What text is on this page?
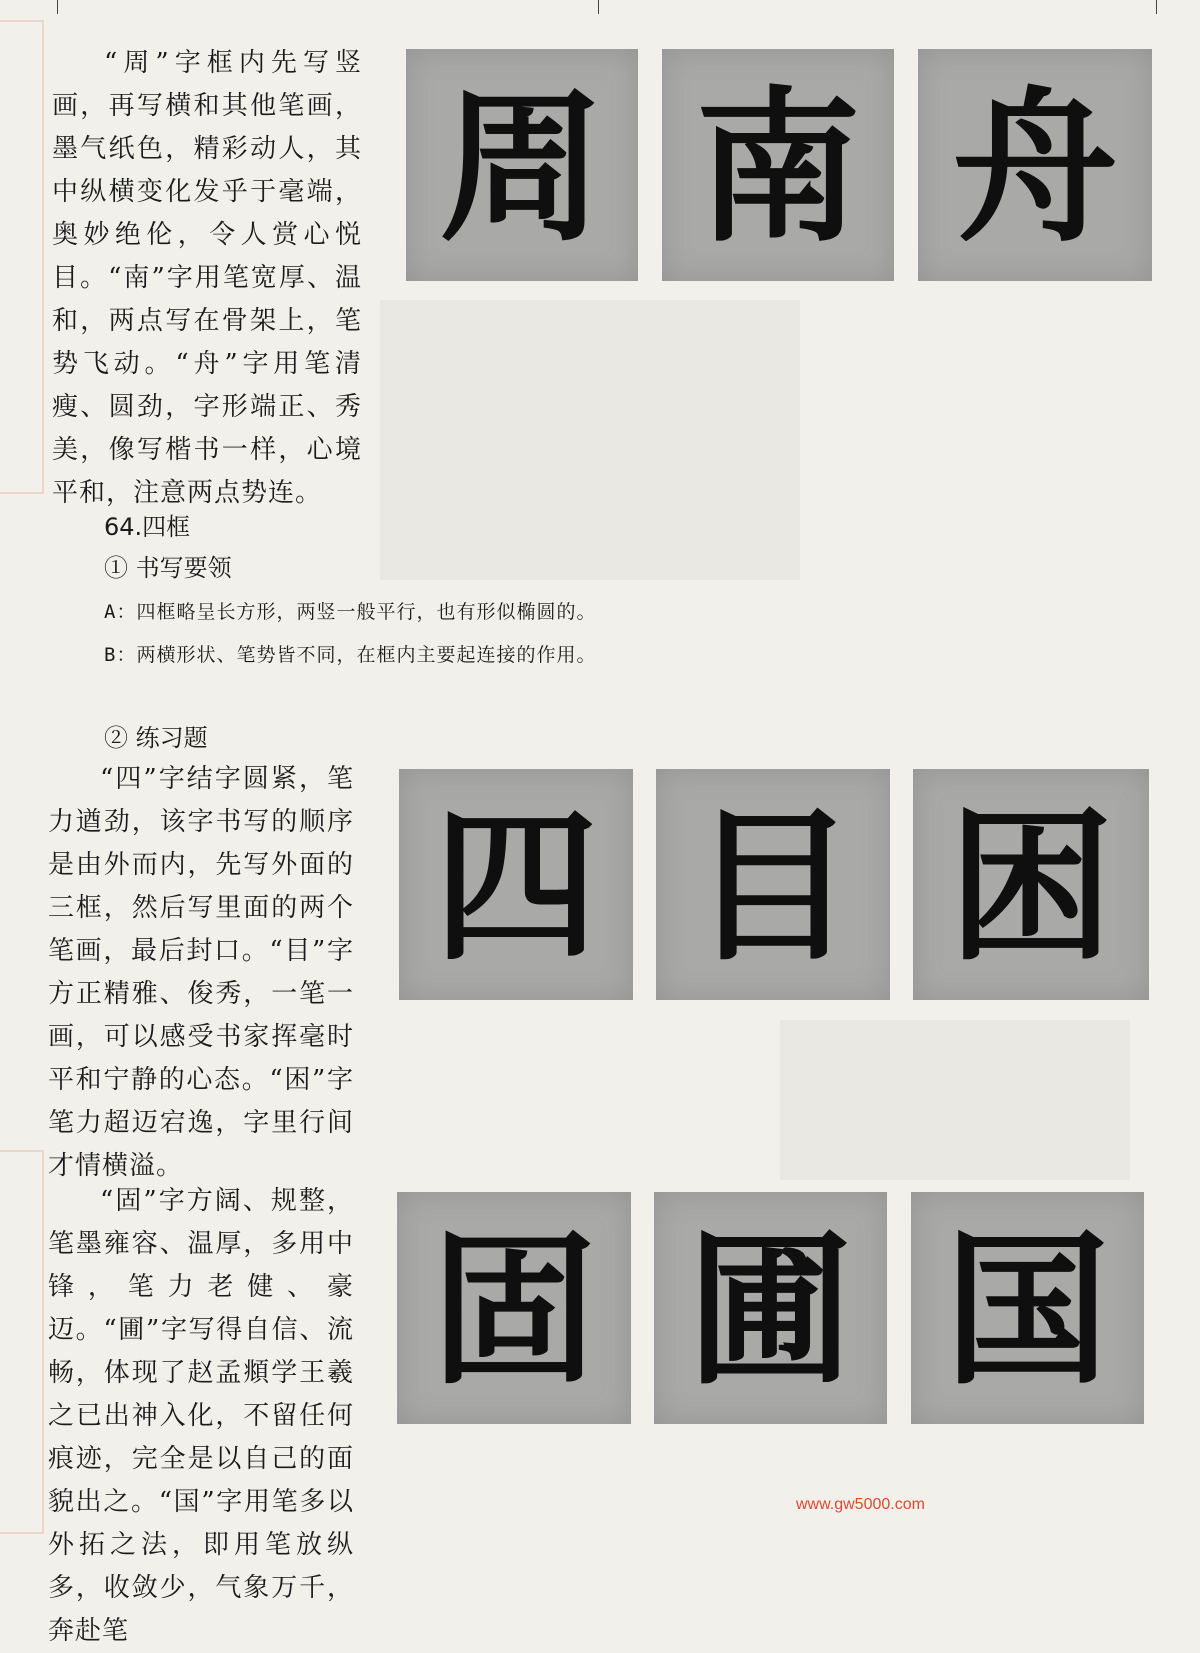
“周”字框内先写竖画，再写横和其他笔画，墨气纸色，精彩动人，其中纵横变化发乎于毫端，奥妙绝伦，令人赏心悦目。“南”字用笔宽厚、温和，两点写在骨架上，笔势飞动。“舟”字用笔清瘦、圆劲，字形端正、秀美，像写楷书一样，心境平和，注意两点势连。

周 南 舟

64.四框

① 书写要领

A：四框略呈长方形，两竖一般平行，也有形似椭圆的。

B：两横形状、笔势皆不同，在框内主要起连接的作用。

② 练习题

“四”字结字圆紧，笔力遒劲，该字书写的顺序是由外而内，先写外面的三框，然后写里面的两个笔画，最后封口。“目”字方正精雅、俊秀，一笔一画，可以感受书家挥毫时平和宁静的心态。“困”字笔力超迈宕逸，字里行间才情横溢。

四 目 困

“固”字方阔、规整，笔墨雍容、温厚，多用中锋，笔力老健、豪迈。“圃”字写得自信、流畅，体现了赵孟頫学王羲之已出神入化，不留任何痕迹，完全是以自己的面貌出之。“国”字用笔多以外拓之法，即用笔放纵多，收敛少，气象万千，奔赴笔

固 圃 国
www.gw5000.com
